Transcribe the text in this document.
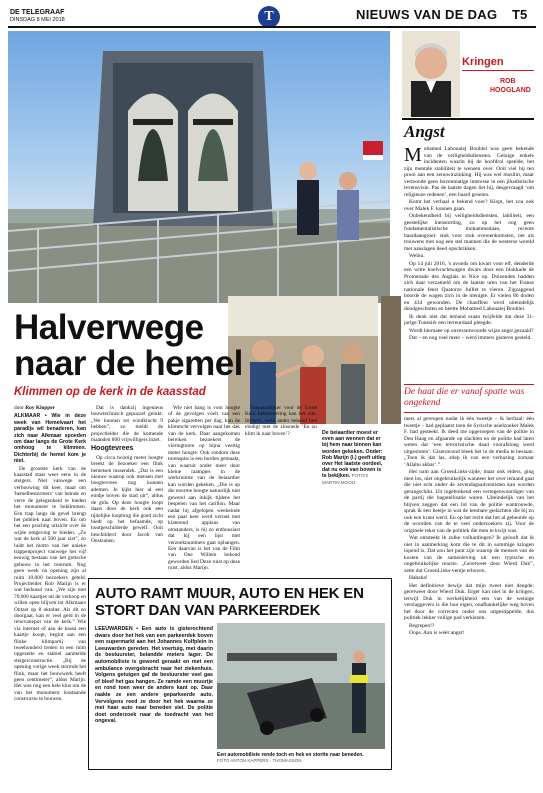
DE TELEGRAAF
DINSDAG 8 MEI 2018	T	NIEUWS VAN DE DAG T5
Halverwege
naar de hemel
Klimmen op de kerk in de kaasstad
door Roy Klopper

ALKMAAR • Wie in deze week van Hemelvaart het paradijs wil benaderen, kan zich naar Alkmaar spoeden om daar langs de Grote Kerk omhoog te klimmen. Dichterbij de hemel kom je niet.

De grootste kerk van de kaasstad staat weer eens in de steigers. Niet vanwege een verbouwing dit keer, maar om 'hemelbestormers' van heinde en verre de gelegenheid te bieden het monument te beklimmen. Een trap langs de gevel brengt het publiek naar boven. En om het een prachtig uitzicht over de wijde omgeving te bieden. „Ze wat de kerk al 500 jaar ziet”, zo luidt het motto van het unieke trappenproject vanwege het vijf eeuwig bestaan van het gotische gebouw in het centrum. Nog geen week na opening zijn al ruim 10.000 bezoekers geteld. Projectleider Rob Marijn is er wat beduusd van. „We zijn met 70.000 kaartjes uit de verkoop en willen open blijven tot Alkmaars Ontzet op 8 oktober. Als dit zo doorgaat, kan er veel geld in de renovatiepot van de kerk.” Wie via internet of aan de kassa een kaartje koopt, begint aan een flinke klimpartij van tweehonderd treden in een ruim opgezette en stabiel aanmelde steigerconstructie. „Bij de opening vorige week stormde het flink, maar het bouwwerk heeft geen centimeter”, aldus Marijn. Het was nog een hele klus om de van het monument losstaande constructie te bouwen.

Dat is dankzij ingenieus bouwtechnisch gepuzzel gelukt. „We kunnen tot windkracht 9 hebben”, zo meldt de projectleider die de komende maanden 800 vrijwilligers inzet.

Hoogtevrees

Op circa twintig meter hoogte breekt de bezoeker een flink bemetsen tussendek. „Dat is een nieuwe waarop ook mensen met hoogtevrees nog kunnen ademen. Je kijkt hier al een eindje boven de stad uit”, aldus de gids. Op deze hoogte loopt daars door de kerk ook een tijdelijke loopbrug die goed zicht biedt op het befaamde, op houtgeschilderde gewelf. Ooit beschilderd door Jacob van Oostzanen.

Wie niet bang is voor hoogte of de gevolgen voelt van een pakje sigaretten per dag, kan de klimtocht vervolgen naar het dak van de kerk. Daar aangekomen bereiken bezoekers de vieringtoren op bijna veertig meter hoogte. Ook rondom deze torenspits is een borden gemaakt, van waaruit onder meer door kleine raampjes in de werkruimte van de beiaardier kan worden gekeken. „Die is op die enorme hoogte natuurlijk niet gewend aan inkijk tijdens het bespelen van het carillon. Maar nadat hij afgelopen weekeinde een paar keer werd verrast met klaterend applaus van omstanders, is hij zo enthousiast dat hij een lijst met verzoeknummers gaat ophangen. Een daarvan is het van de Film van One Willem bekend geworden lied Deze ruist op deze ruist, aldus Marijn.

Toepasselijker voor de Grote Kerk belemmering kan het niet. Immers, welk ander bekend lied eindigt met de zinsnede ‘En zo klim ik naar boven’?	De beiaardier moest er even aan wennen dat er bij hem naar binnen kan worden gekeken. Onder: Rob Marijn (l.) geeft uitleg over Het laatste oordeel, dat nu ook van boven is te bekijken. FOTO'S MARTIN MOOIJ
AUTO RAMT MUUR, AUTO EN HEK EN STORT DAN VAN PARKEERDEK
LEEUWARDEN • Een auto is gisterochtend dwars door het hek van een parkeerdek boven een supermarkt aan het Johannes Kolfplein in Leeuwarden gereden. Het voertuig, met daarin de bestuurster, belandde meters lager. De automobiliste is gewond geraakt en met een ambulance overgebracht naar het ziekenhuis. Volgens getuigen gaf de bestuurster veel gas of bleef het gas hangen. Ze ramde een muurtje en rond toen weer de andere kant op. Daar raakte ze een andere geparkeerde auto. Vervolgens reed ze door het hek waarna ze met haar auto naar beneden viel. De politie doet onderzoek naar de toedracht van het ongeval.
Een automobiliste rende toch en hek en stortte naar beneden.
FOTO ANTON KAPPERS · THOMASSON
Kringen
ROB
HOOGLAND
Angst

Mohamed Lahouaiej Bouhlel was geen bekende van de veiligheidsdiensten. Geluige enkele incidenten waarin hij de hoofdrol speelde, bet zijn mentale stabiliteit te wensen over. Ooit viel hij ten prooi aan een zenuwinzinking. Hij was wel moslim, maar vertoonde geen bovenmatige interesse in een jihadistische levensvisie. Pas de laatste dagen liet hij, desgevraagd ‘om religieuze redenen’, een baard groeien.

Komt het verhaal u bekend voor? Klopt, het zou ook over Malek F. kunnen gaan.

Onbekendheid bij veiligheidsdiensten, labiliteit, een geestelijke inenstorting, zo op het oog geen fundamentalistische mohammedaan, recente baardaangroei: stuk voor stuk overeenkomsten, net als trouwens met nog een stel mannen die de westerse wereld met aanslagen deed opschrikken.

Welnu.

Op 14 juli 2016, 's avonds om kwart voor elf, denderde een witte koelvrachtwagen dwars door een blokkade de Promenade des Anglais in Nice op. Duizenden hadden zich daar verzameld om de laatste uren van het Franse nationale feest Quatorze Juillet te vieren. Zigzaggend boorde de wagen zich in de menigte. Er vielen 86 doden en 434 gewonden. De chauffeur werd uiteindelijk doodgeschoten en heette Mohamed Lahouaiej Bouhlel.

Ik denk niet dat iemand eraan twijfelde dat deze 31-jarige Tunesiër een terreurdaad pleegde.

Wordt hiernaee op onverantwoorde wijze angst gezaaid?

Dat – en nog veel meer – werd immers gisteren gesteld.

De haat die er vanaf spatte was ongekend

mers al gereopen nadat ik één tweetje – ik herhaal: één tweetje – had geplaatst toen de Syrische asielzoeker Malek F. had gesteekt. Ik deed me opgeroepen van de politie in Den Haag en afgaande op slachten en de politie had laten weten dat ‘een terroristische daad voorafsloeg werd uitgesloten’. Gisteravond bleek het in de media te bestaan. „Toen ik dat las, stlep ik van een verbazing zomaar ‘Allahu akbar’.”

Het nam aan GroenLinks-zijde, maar ook elders, ging men los, niet ongebruikelijk wanneer het over iemand gaat die niet echt onder de zevendagsadventisten kan worden gerangschikt. Uit ingebrekend een vertegenwoordiger van de partij die bagatellisatie waren. Uiteindelijk van het blijven zeggen dat een lid van de politie wantrouwde, sprak ik een beetje in wat de leesbare gedachten die bij zo ook een krant werd. En op het recht dat het al gebeurde op de woorden van de te veel onderzoekers zij. Voor de originele tekst van de politiek die men te kwijt was.

Wat ontsteekt ik zulke volhardingen? Ik gelooft dat ik niet in aanmerking kom die te dit in sommige kringen lopend is. Dat zou het punt zijn waarop de mensen van de kosten van de samenleving uit een typische en ongebruikelijke reactie. „Geretweet door Wierd Duk”, zette dat GroenLinks-ventje erboven.

Hahaha!

Het definitieve bewijs dat mijn tweet niet deugde: geretweet door Wierd Duk. Erger kan niet in de kringen, terwijl Duk in werkelijkheid een van de weinige verslaggevers is die hun eigen, onafhankelijke weg boven het door de correcten onder ons uitgestippelde, dus politiek lekker veilige pad verkiezen.

Begrepen!?

Oops. Aan is wéér angst!
